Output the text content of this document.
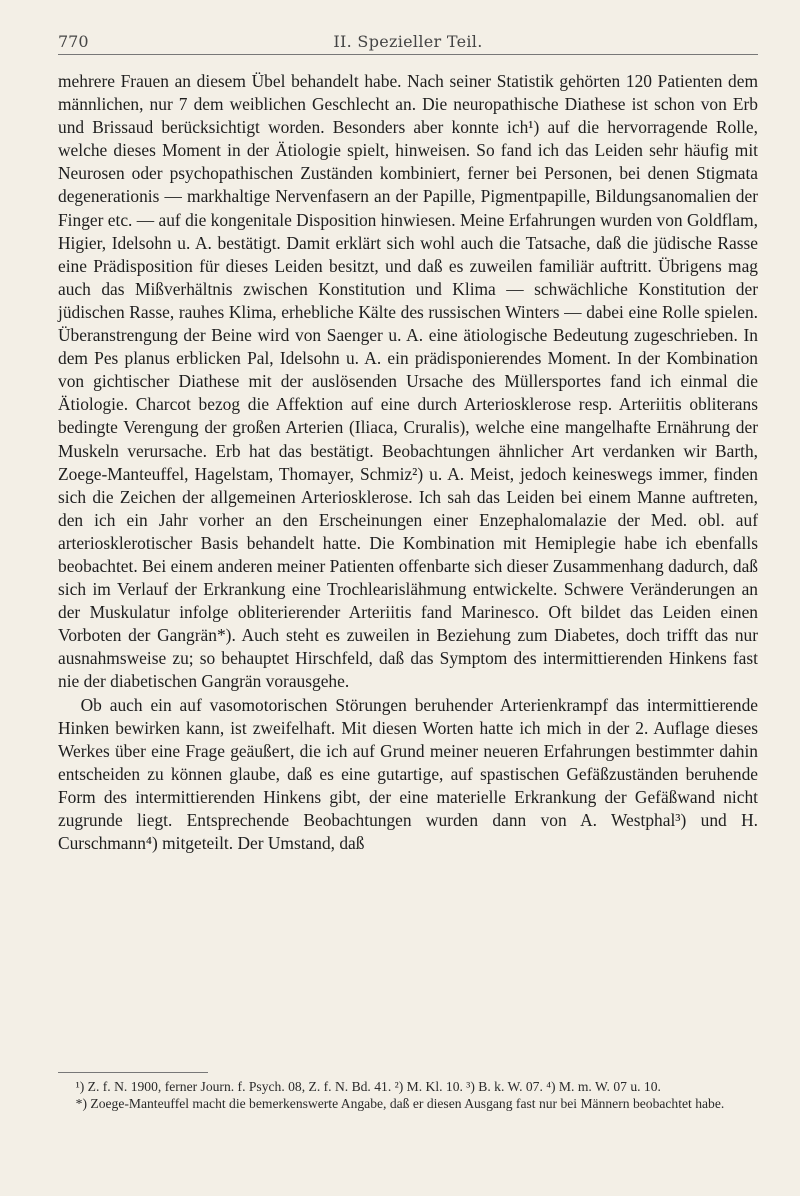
770	II. Spezieller Teil.

mehrere Frauen an diesem Übel behandelt habe. Nach seiner Statistik gehörten 120 Patienten dem männlichen, nur 7 dem weiblichen Geschlecht an. Die neuropathische Diathese ist schon von Erb und Brissaud berücksichtigt worden. Besonders aber konnte ich¹) auf die hervorragende Rolle, welche dieses Moment in der Ätiologie spielt, hinweisen. So fand ich das Leiden sehr häufig mit Neurosen oder psychopathischen Zuständen kombiniert, ferner bei Personen, bei denen Stigmata degenerationis — markhaltige Nervenfasern an der Papille, Pigmentpapille, Bildungsanomalien der Finger etc. — auf die kongenitale Disposition hinwiesen. Meine Erfahrungen wurden von Goldflam, Higier, Idelsohn u. A. bestätigt. Damit erklärt sich wohl auch die Tatsache, daß die jüdische Rasse eine Prädisposition für dieses Leiden besitzt, und daß es zuweilen familiär auftritt. Übrigens mag auch das Mißverhältnis zwischen Konstitution und Klima — schwächliche Konstitution der jüdischen Rasse, rauhes Klima, erhebliche Kälte des russischen Winters — dabei eine Rolle spielen. Überanstrengung der Beine wird von Saenger u. A. eine ätiologische Bedeutung zugeschrieben. In dem Pes planus erblicken Pal, Idelsohn u. A. ein prädisponierendes Moment. In der Kombination von gichtischer Diathese mit der auslösenden Ursache des Müllersportes fand ich einmal die Ätiologie. Charcot bezog die Affektion auf eine durch Arteriosklerose resp. Arteriitis obliterans bedingte Verengung der großen Arterien (Iliaca, Cruralis), welche eine mangelhafte Ernährung der Muskeln verursache. Erb hat das bestätigt. Beobachtungen ähnlicher Art verdanken wir Barth, Zoege-Manteuffel, Hagelstam, Thomayer, Schmiz²) u. A. Meist, jedoch keineswegs immer, finden sich die Zeichen der allgemeinen Arteriosklerose. Ich sah das Leiden bei einem Manne auftreten, den ich ein Jahr vorher an den Erscheinungen einer Enzephalomalazie der Med. obl. auf arteriosklerotischer Basis behandelt hatte. Die Kombination mit Hemiplegie habe ich ebenfalls beobachtet. Bei einem anderen meiner Patienten offenbarte sich dieser Zusammenhang dadurch, daß sich im Verlauf der Erkrankung eine Trochlearislähmung entwickelte. Schwere Veränderungen an der Muskulatur infolge obliterierender Arteriitis fand Marinesco. Oft bildet das Leiden einen Vorboten der Gangrän*). Auch steht es zuweilen in Beziehung zum Diabetes, doch trifft das nur ausnahmsweise zu; so behauptet Hirschfeld, daß das Symptom des intermittierenden Hinkens fast nie der diabetischen Gangrän vorausgehe.

Ob auch ein auf vasomotorischen Störungen beruhender Arterienkrampf das intermittierende Hinken bewirken kann, ist zweifelhaft. Mit diesen Worten hatte ich mich in der 2. Auflage dieses Werkes über eine Frage geäußert, die ich auf Grund meiner neueren Erfahrungen bestimmter dahin entscheiden zu können glaube, daß es eine gutartige, auf spastischen Gefäßzuständen beruhende Form des intermittierenden Hinkens gibt, der eine materielle Erkrankung der Gefäßwand nicht zugrunde liegt. Entsprechende Beobachtungen wurden dann von A. Westphal³) und H. Curschmann⁴) mitgeteilt. Der Umstand, daß

¹) Z. f. N. 1900, ferner Journ. f. Psych. 08, Z. f. N. Bd. 41. ²) M. Kl. 10. ³) B. k. W. 07. ⁴) M. m. W. 07 u. 10.

*) Zoege-Manteuffel macht die bemerkenswerte Angabe, daß er diesen Ausgang fast nur bei Männern beobachtet habe.
